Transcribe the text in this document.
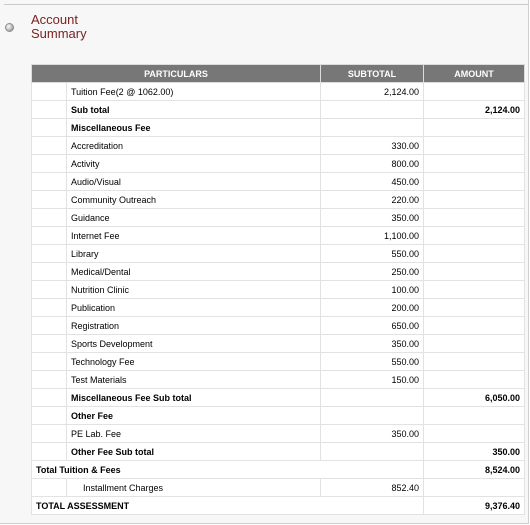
Account Summary
PARTICULARS		SUBTOTAL	AMOUNT
	Tuition Fee(2 @ 1062.00)	2,124.00	
	Sub total		2,124.00
	Miscellaneous Fee		
	Accreditation	330.00	
	Activity	800.00	
	Audio/Visual	450.00	
	Community Outreach	220.00	
	Guidance	350.00	
	Internet Fee	1,100.00	
	Library	550.00	
	Medical/Dental	250.00	
	Nutrition Clinic	100.00	
	Publication	200.00	
	Registration	650.00	
	Sports Development	350.00	
	Technology Fee	550.00	
	Test Materials	150.00	
	Miscellaneous Fee Sub total		6,050.00
	Other Fee		
	PE Lab. Fee	350.00	
	Other Fee Sub total		350.00
Total Tuition & Fees			8,524.00
	Installment Charges	852.40	
TOTAL ASSESSMENT			9,376.40
